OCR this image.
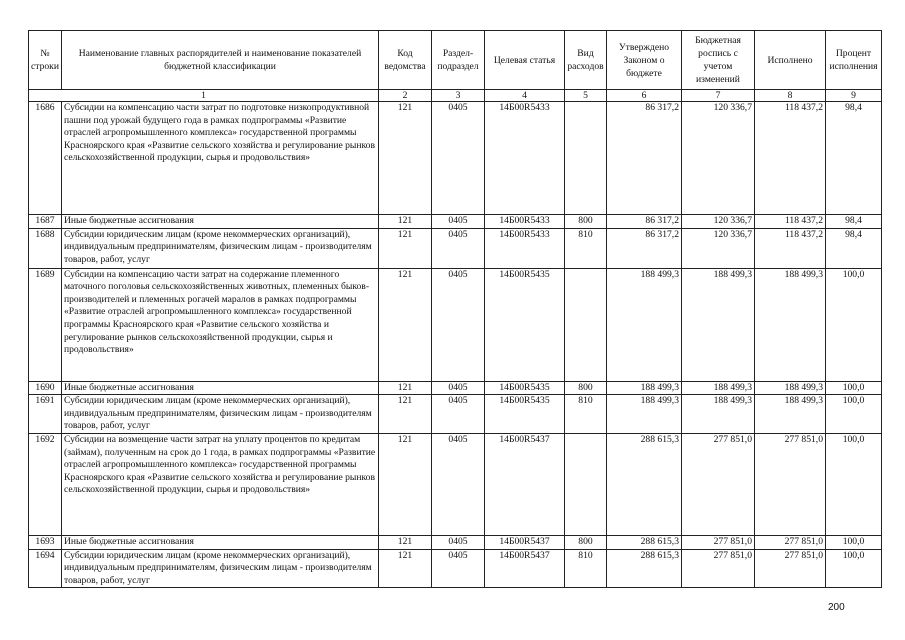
№ строки	Наименование главных распорядителей и наименование показателей бюджетной классификации	Код ведомства	Раздел-подраздел	Целевая статья	Вид расходов	Утверждено Законом о бюджете	Бюджетная роспись с учетом изменений	Исполнено	Процент исполнения
1		2	3	4	5	6	7	8	9
1686	Субсидии на компенсацию части затрат по подготовке низкопродуктивной пашни под урожай будущего года в рамках подпрограммы «Развитие отраслей агропромышленного комплекса» государственной программы Красноярского края «Развитие сельского хозяйства и регулирование рынков сельскохозяйственной продукции, сырья и продовольствия»	121	0405	14Б00R5433		86 317,2	120 336,7	118 437,2	98,4
1687	Иные бюджетные ассигнования	121	0405	14Б00R5433	800	86 317,2	120 336,7	118 437,2	98,4
1688	Субсидии юридическим лицам (кроме некоммерческих организаций), индивидуальным предпринимателям, физическим лицам - производителям товаров, работ, услуг	121	0405	14Б00R5433	810	86 317,2	120 336,7	118 437,2	98,4
1689	Субсидии на компенсацию части затрат на содержание племенного маточного поголовья сельскохозяйственных животных, племенных быков-производителей и племенных рогачей маралов в рамках подпрограммы «Развитие отраслей агропромышленного комплекса» государственной программы Красноярского края «Развитие сельского хозяйства и регулирование рынков сельскохозяйственной продукции, сырья и продовольствия»	121	0405	14Б00R5435		188 499,3	188 499,3	188 499,3	100,0
1690	Иные бюджетные ассигнования	121	0405	14Б00R5435	800	188 499,3	188 499,3	188 499,3	100,0
1691	Субсидии юридическим лицам (кроме некоммерческих организаций), индивидуальным предпринимателям, физическим лицам - производителям товаров, работ, услуг	121	0405	14Б00R5435	810	188 499,3	188 499,3	188 499,3	100,0
1692	Субсидии на возмещение части затрат на уплату процентов по кредитам (займам), полученным на срок до 1 года, в рамках подпрограммы «Развитие отраслей агропромышленного комплекса» государственной программы Красноярского края «Развитие сельского хозяйства и регулирование рынков сельскохозяйственной продукции, сырья и продовольствия»	121	0405	14Б00R5437		288 615,3	277 851,0	277 851,0	100,0
1693	Иные бюджетные ассигнования	121	0405	14Б00R5437	800	288 615,3	277 851,0	277 851,0	100,0
1694	Субсидии юридическим лицам (кроме некоммерческих организаций), индивидуальным предпринимателям, физическим лицам - производителям товаров, работ, услуг	121	0405	14Б00R5437	810	288 615,3	277 851,0	277 851,0	100,0
200
